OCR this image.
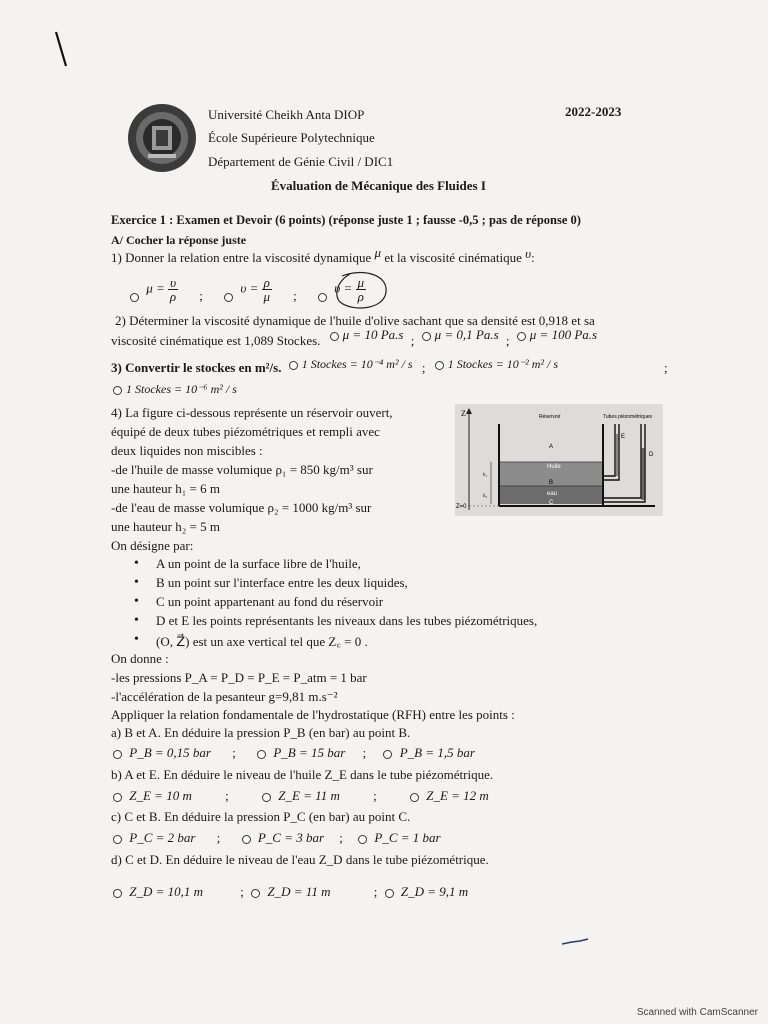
Université Cheikh Anta DIOP	2022-2023
École Supérieure Polytechnique
Département de Génie Civil / DIC1
Évaluation de Mécanique des Fluides I
Exercice 1 : Examen et Devoir (6 points) (réponse juste 1 ; fausse -0,5 ; pas de réponse 0)
A/ Cocher la réponse juste
1) Donner la relation entre la viscosité dynamique μ et la viscosité cinématique υ:
$\mu = \frac{\upsilon}{\rho}$ ;  $\upsilon = \frac{\rho}{\mu}$ ;  $\upsilon = \frac{\mu}{\rho}$
2) Déterminer la viscosité dynamique de l'huile d'olive sachant que sa densité est 0,918 et sa
viscosité cinématique est 1,089 Stockes. μ = 10 Pa.s ; μ = 0,1 Pa.s ; μ = 100 Pa.s
3) Convertir le stockes en m²/s. 1 Stockes = 10⁻⁴ m² / s ; 1 Stockes = 10⁻² m² / s	;
1 Stockes = 10⁻⁶ m² / s
4) La figure ci-dessous représente un réservoir ouvert,
équipé de deux tubes piézométriques et rempli avec
deux liquides non miscibles :
-de l'huile de masse volumique ρ₁ = 850 kg/m³ sur
une hauteur h₁ = 6 m
-de l'eau de masse volumique ρ₂ = 1000 kg/m³ sur
une hauteur h₂ = 5 m
On désigne par:
Z
Z=0
Réservoir	Tubes piézométriques
A
Huile
B
eau
C
E
D
h₁
h₂
• A un point de la surface libre de l'huile,
• B un point sur l'interface entre les deux liquides,
• C un point appartenant au fond du réservoir
• D et E les points représentants les niveaux dans les tubes piézométriques,
• (O, Z⃗) est un axe vertical tel que Z꜀ = 0 .
On donne :
-les pressions P_A = P_D = P_E = P_atm = 1 bar
-l'accélération de la pesanteur g=9,81 m.s⁻²
Appliquer la relation fondamentale de l'hydrostatique (RFH) entre les points :
a) B et A. En déduire la pression P_B (en bar) au point B.
P_B = 0,15 bar ;	P_B = 15 bar ;	P_B = 1,5 bar
b) A et E. En déduire le niveau de l'huile Z_E dans le tube piézométrique.
Z_E = 10 m	;	Z_E = 11 m	;	Z_E = 12 m
c) C et B. En déduire la pression P_C (en bar) au point C.
P_C = 2 bar ;	P_C = 3 bar ; P_C = 1 bar
d) C et D. En déduire le niveau de l'eau Z_D dans le tube piézométrique.
Z_D = 10,1 m	; Z_D = 11 m	; Z_D = 9,1 m
Scanned with CamScanner
